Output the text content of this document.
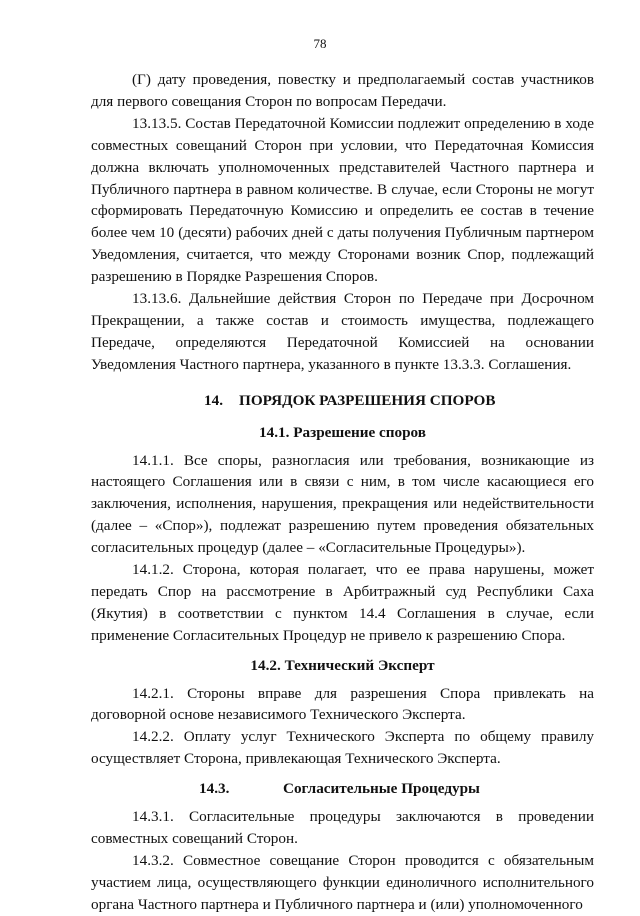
78

(Г) дату проведения, повестку и предполагаемый состав участников для первого совещания Сторон по вопросам Передачи.

13.13.5. Состав Передаточной Комиссии подлежит определению в ходе совместных совещаний Сторон при условии, что Передаточная Комиссия должна включать уполномоченных представителей Частного партнера и Публичного партнера в равном количестве. В случае, если Стороны не могут сформировать Передаточную Комиссию и определить ее состав в течение более чем 10 (десяти) рабочих дней с даты получения Публичным партнером Уведомления, считается, что между Сторонами возник Спор, подлежащий разрешению в Порядке Разрешения Споров.

13.13.6. Дальнейшие действия Сторон по Передаче при Досрочном Прекращении, а также состав и стоимость имущества, подлежащего Передаче, определяются Передаточной Комиссией на основании Уведомления Частного партнера, указанного в пункте 13.3.3. Соглашения.

14. ПОРЯДОК РАЗРЕШЕНИЯ СПОРОВ
14.1. Разрешение споров

14.1.1. Все споры, разногласия или требования, возникающие из настоящего Соглашения или в связи с ним, в том числе касающиеся его заключения, исполнения, нарушения, прекращения или недействительности (далее – «Спор»), подлежат разрешению путем проведения обязательных согласительных процедур (далее – «Согласительные Процедуры»).

14.1.2. Сторона, которая полагает, что ее права нарушены, может передать Спор на рассмотрение в Арбитражный суд Республики Саха (Якутия) в соответствии с пунктом 14.4 Соглашения в случае, если применение Согласительных Процедур не привело к разрешению Спора.

14.2. Технический Эксперт

14.2.1. Стороны вправе для разрешения Спора привлекать на договорной основе независимого Технического Эксперта.

14.2.2. Оплату услуг Технического Эксперта по общему правилу осуществляет Сторона, привлекающая Технического Эксперта.

14.3.	Согласительные Процедуры

14.3.1. Согласительные процедуры заключаются в проведении совместных совещаний Сторон.

14.3.2. Совместное совещание Сторон проводится с обязательным участием лица, осуществляющего функции единоличного исполнительного органа Частного партнера и Публичного партнера и (или) уполномоченного
